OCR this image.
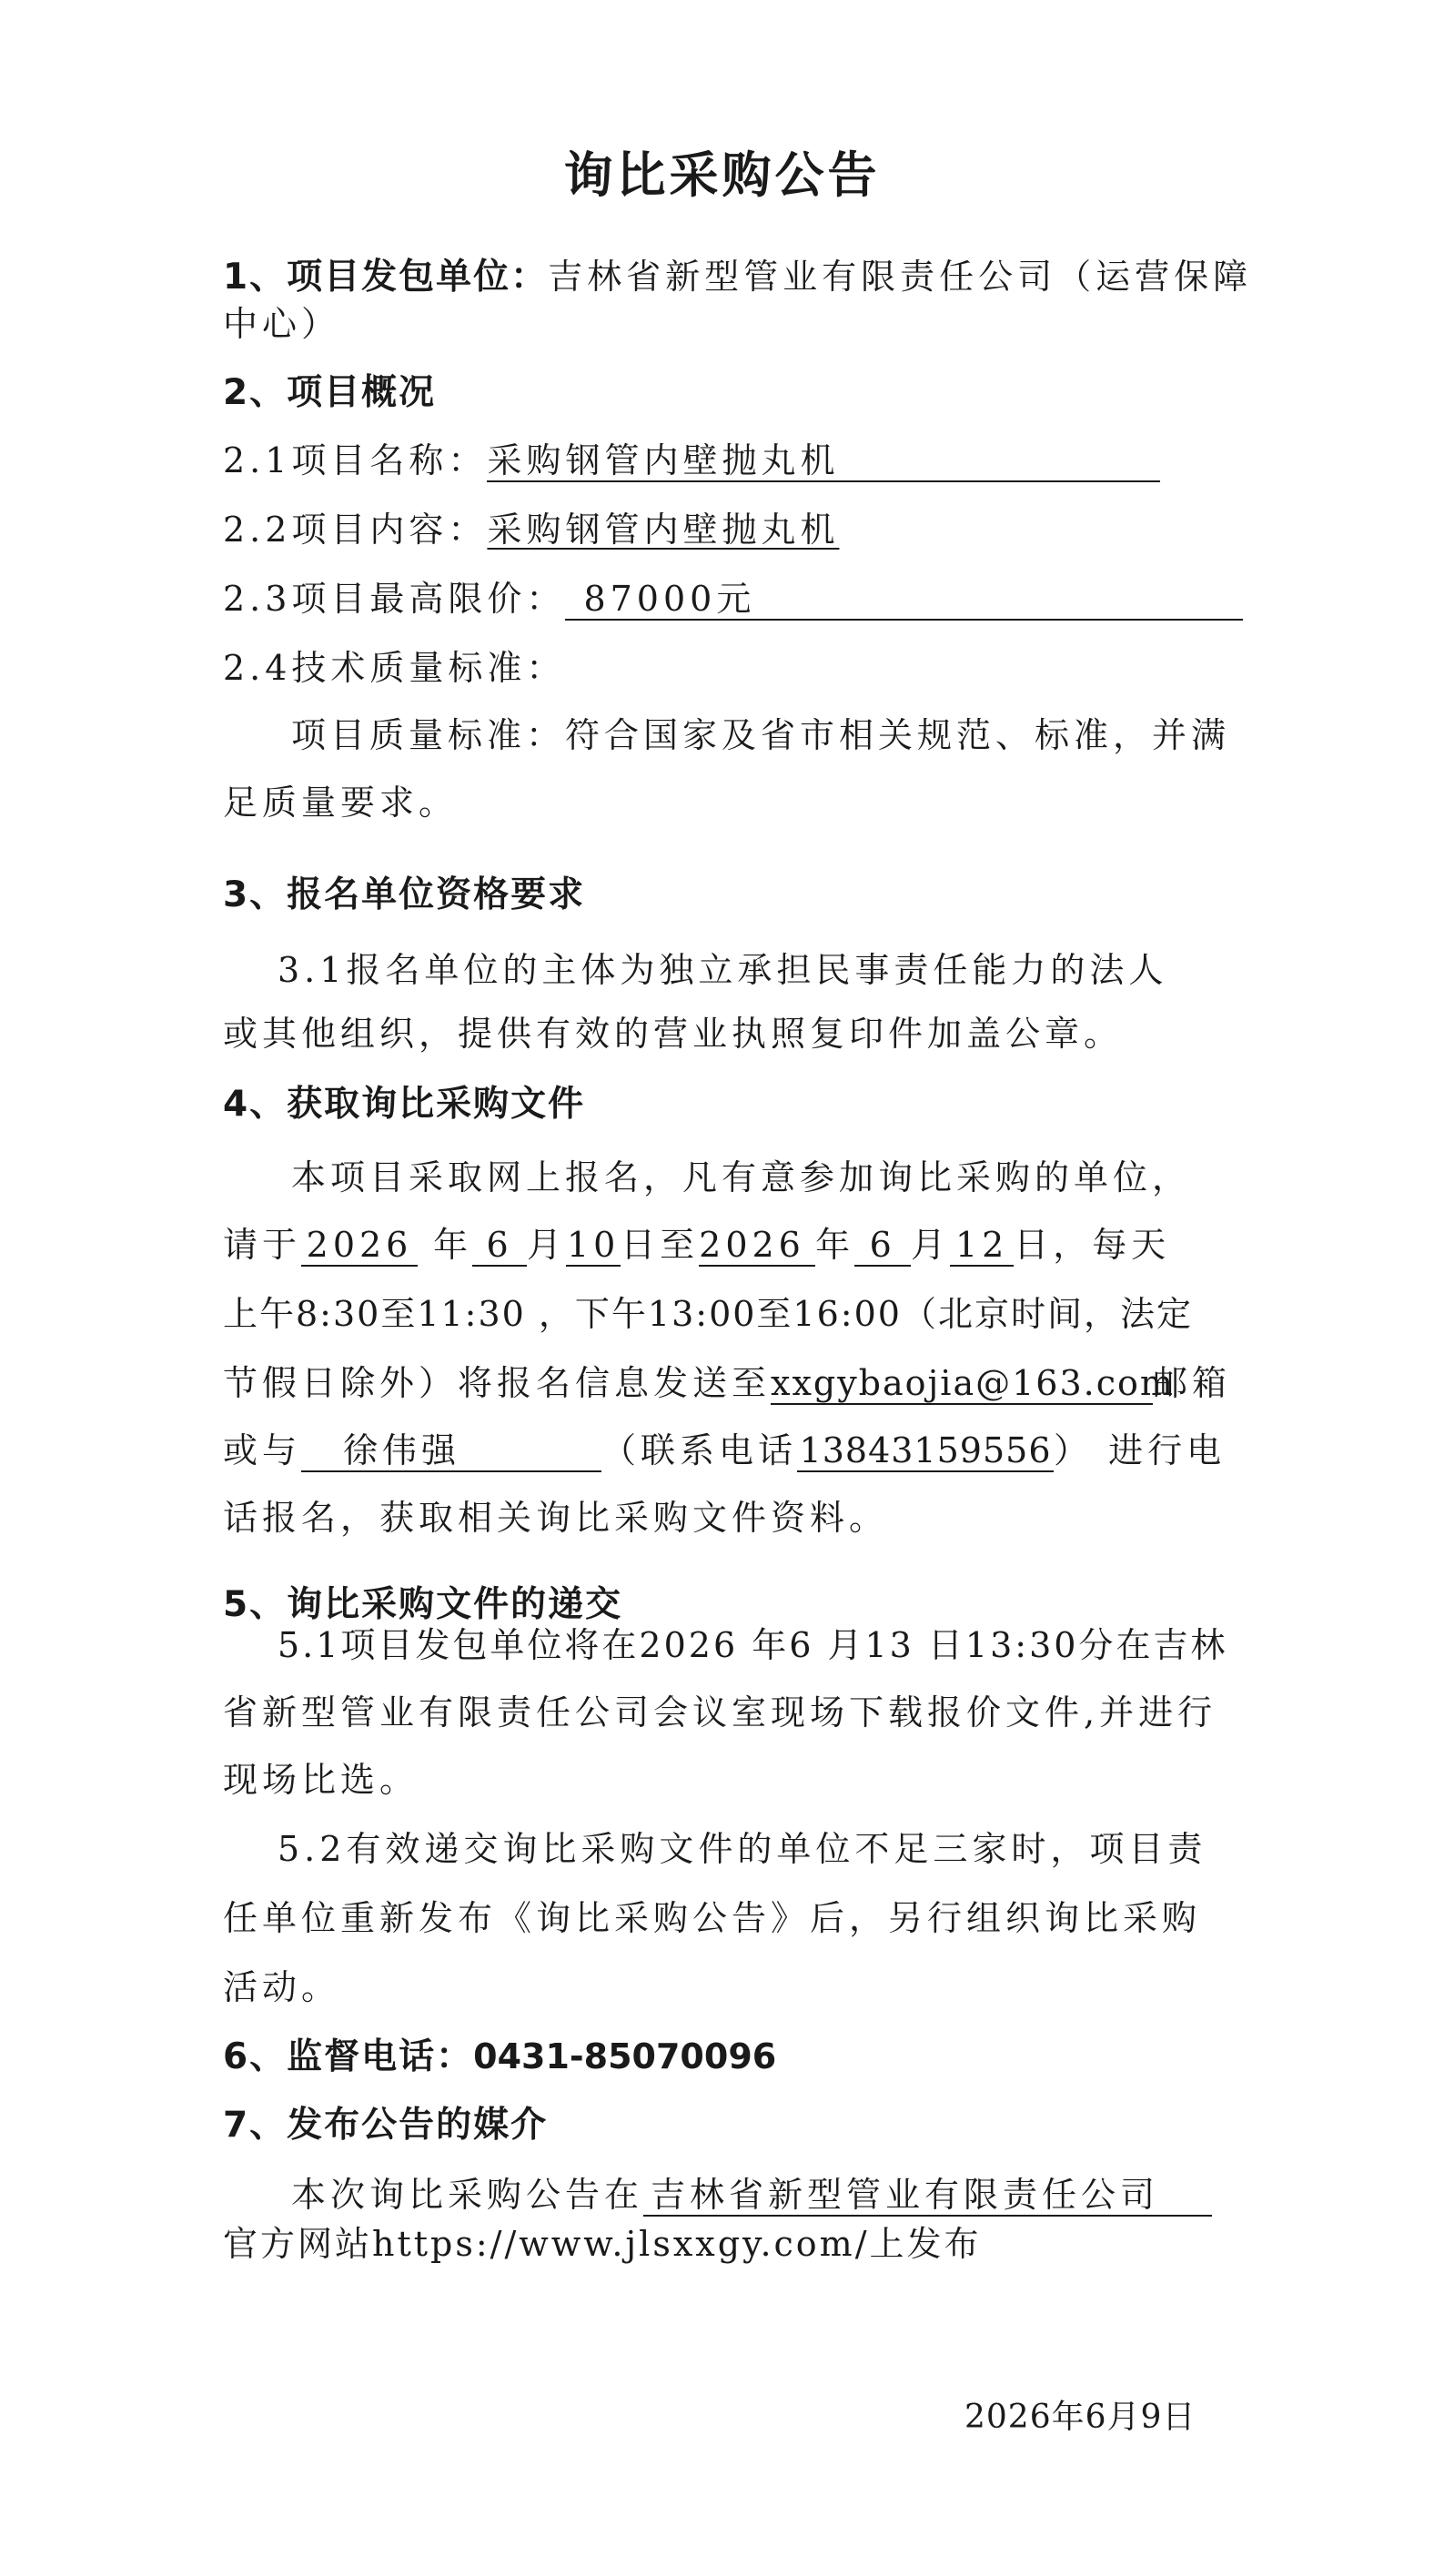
询比采购公告
1、项目发包单位：吉林省新型管业有限责任公司（运营保障
中心）
2、项目概况
2.1项目名称：采购钢管内壁抛丸机
2.2项目内容：采购钢管内壁抛丸机
2.3项目最高限价： 87000元
2.4技术质量标准：
项目质量标准：符合国家及省市相关规范、标准，并满
足质量要求。
3、报名单位资格要求
3.1报名单位的主体为独立承担民事责任能力的法人
或其他组织，提供有效的营业执照复印件加盖公章。
4、获取询比采购文件
本项目采取网上报名，凡有意参加询比采购的单位，
请于 2026 年 6 月10日至2026 年 6 月 12 日，每天
上午8:30至11:30 ，下午13:00至16:00（北京时间，法定
节假日除外）将报名信息发送至xxgybaojia@163.com邮箱
或与 徐伟强	（联系电话13843159556） 进行电
话报名，获取相关询比采购文件资料。
5、询比采购文件的递交
5.1项目发包单位将在2026 年6 月13 日13:30分在吉林
省新型管业有限责任公司会议室现场下载报价文件,并进行
现场比选。
5.2有效递交询比采购文件的单位不足三家时，项目责
任单位重新发布《询比采购公告》后，另行组织询比采购
活动。
6、监督电话：0431-85070096
7、发布公告的媒介
本次询比采购公告在 吉林省新型管业有限责任公司
官方网站https://www.jlsxxgy.com/上发布
2026年6月9日
